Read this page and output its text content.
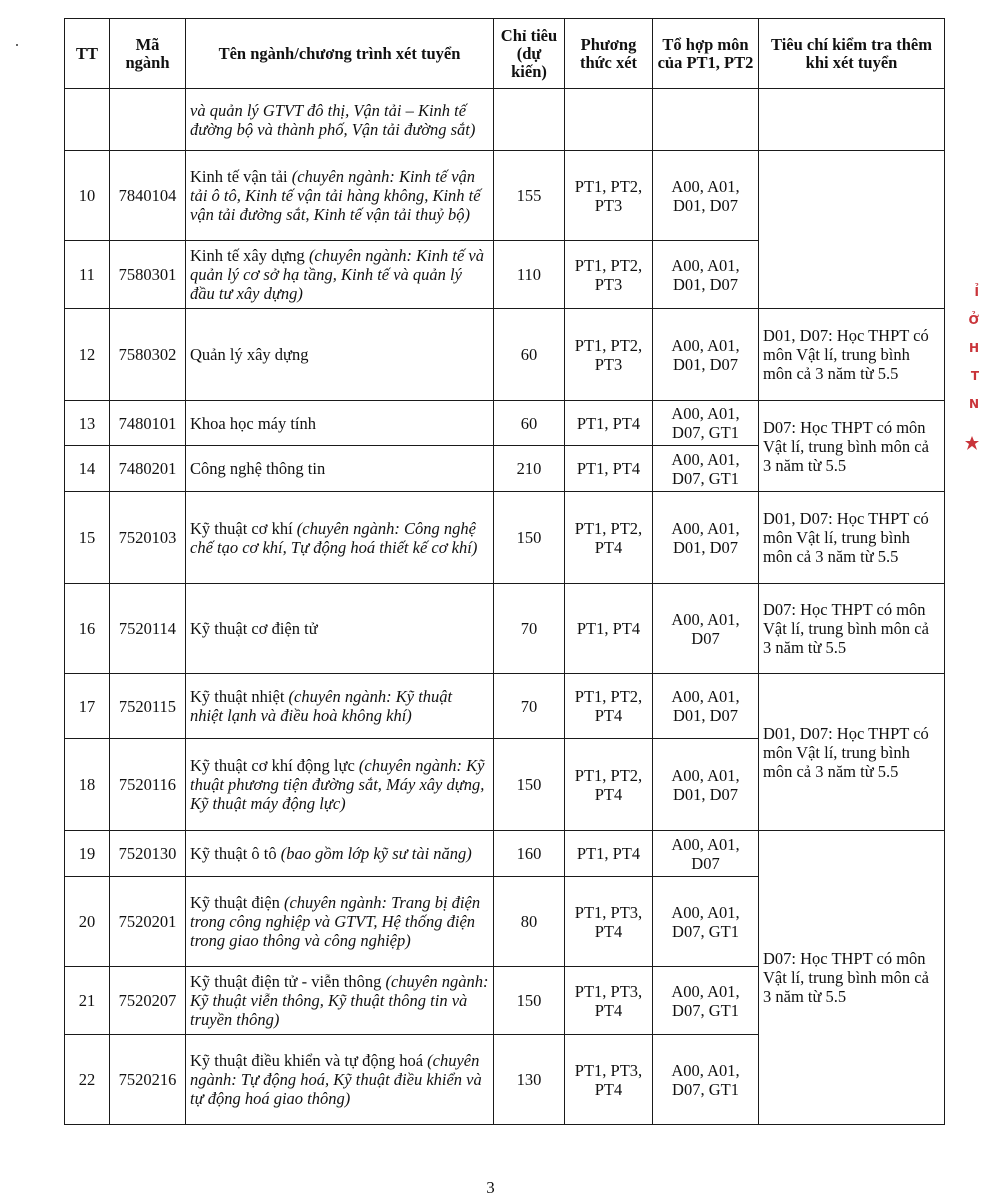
TT	Mã ngành	Tên ngành/chương trình xét tuyển	Chỉ tiêu (dự kiến)	Phương thức xét	Tổ hợp môn của PT1, PT2	Tiêu chí kiểm tra thêm khi xét tuyển
		và quản lý GTVT đô thị, Vận tải – Kinh tế đường bộ và thành phố, Vận tải đường sắt)				
10	7840104	Kinh tế vận tải (chuyên ngành: Kinh tế vận tải ô tô, Kinh tế vận tải hàng không, Kinh tế vận tải đường sắt, Kinh tế vận tải thuỷ bộ)	155	PT1, PT2, PT3	A00, A01, D01, D07	
11	7580301	Kinh tế xây dựng (chuyên ngành: Kinh tế và quản lý cơ sở hạ tầng, Kinh tế và quản lý đầu tư xây dựng)	110	PT1, PT2, PT3	A00, A01, D01, D07	
12	7580302	Quản lý xây dựng	60	PT1, PT2, PT3	A00, A01, D01, D07	D01, D07: Học THPT có môn Vật lí, trung bình môn cả 3 năm từ 5.5
13	7480101	Khoa học máy tính	60	PT1, PT4	A00, A01, D07, GT1	D07: Học THPT có môn Vật lí, trung bình môn cả 3 năm từ 5.5
14	7480201	Công nghệ thông tin	210	PT1, PT4	A00, A01, D07, GT1	
15	7520103	Kỹ thuật cơ khí (chuyên ngành: Công nghệ chế tạo cơ khí, Tự động hoá thiết kế cơ khí)	150	PT1, PT2, PT4	A00, A01, D01, D07	D01, D07: Học THPT có môn Vật lí, trung bình môn cả 3 năm từ 5.5
16	7520114	Kỹ thuật cơ điện tử	70	PT1, PT4	A00, A01, D07	D07: Học THPT có môn Vật lí, trung bình môn cả 3 năm từ 5.5
17	7520115	Kỹ thuật nhiệt (chuyên ngành: Kỹ thuật nhiệt lạnh và điều hoà không khí)	70	PT1, PT2, PT4	A00, A01, D01, D07	D01, D07: Học THPT có môn Vật lí, trung bình môn cả 3 năm từ 5.5
18	7520116	Kỹ thuật cơ khí động lực (chuyên ngành: Kỹ thuật phương tiện đường sắt, Máy xây dựng, Kỹ thuật máy động lực)	150	PT1, PT2, PT4	A00, A01, D01, D07	
19	7520130	Kỹ thuật ô tô (bao gồm lớp kỹ sư tài năng)	160	PT1, PT4	A00, A01, D07	D07: Học THPT có môn Vật lí, trung bình môn cả 3 năm từ 5.5
20	7520201	Kỹ thuật điện (chuyên ngành: Trang bị điện trong công nghiệp và GTVT, Hệ thống điện trong giao thông và công nghiệp)	80	PT1, PT3, PT4	A00, A01, D07, GT1	
21	7520207	Kỹ thuật điện tử - viễn thông (chuyên ngành: Kỹ thuật viễn thông, Kỹ thuật thông tin và truyền thông)	150	PT1, PT3, PT4	A00, A01, D07, GT1	
22	7520216	Kỹ thuật điều khiển và tự động hoá (chuyên ngành: Tự động hoá, Kỹ thuật điều khiển và tự động hoá giao thông)	130	PT1, PT3, PT4	A00, A01, D07, GT1	
Ỉ
Ở
H
T
N
3
